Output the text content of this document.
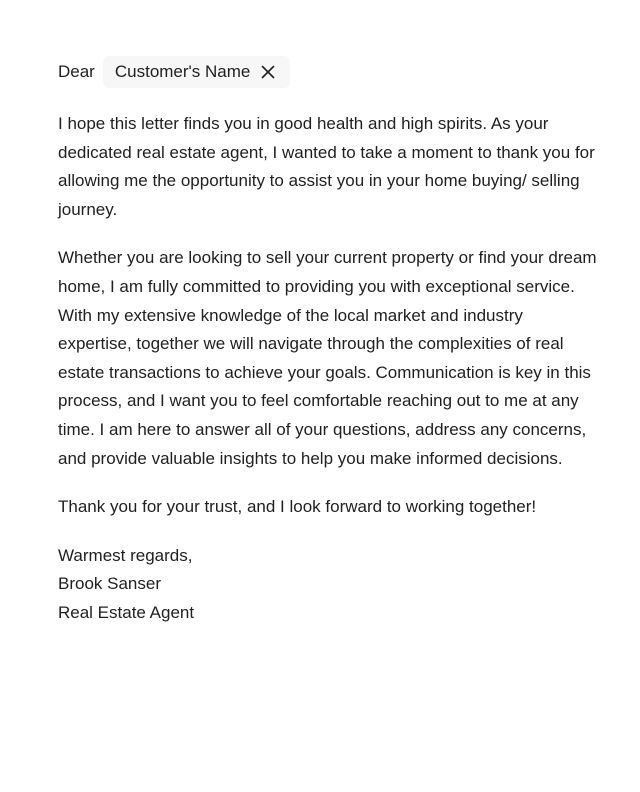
Dear Customer's Name

I hope this letter finds you in good health and high spirits. As your dedicated real estate agent, I wanted to take a moment to thank you for allowing me the opportunity to assist you in your home buying/ selling journey.

Whether you are looking to sell your current property or find your dream home, I am fully committed to providing you with exceptional service. With my extensive knowledge of the local market and industry expertise, together we will navigate through the complexities of real estate transactions to achieve your goals. Communication is key in this process, and I want you to feel comfortable reaching out to me at any time. I am here to answer all of your questions, address any concerns, and provide valuable insights to help you make informed decisions.

Thank you for your trust, and I look forward to working together!

Warmest regards,
Brook Sanser
Real Estate Agent
